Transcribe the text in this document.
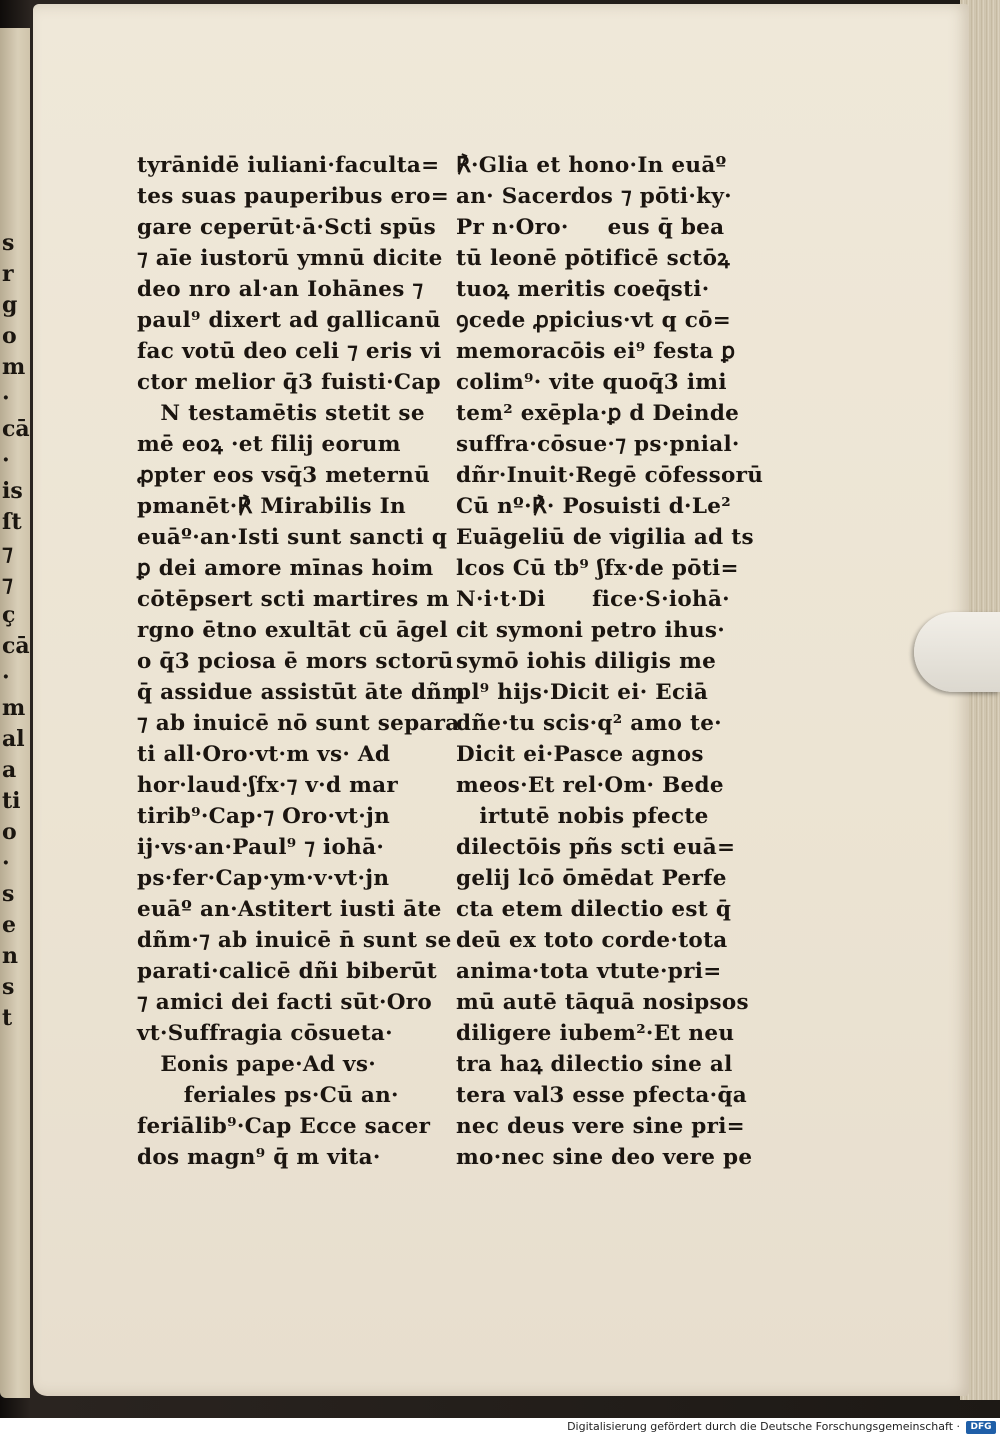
s
r
g
o
m
·
cā
·
is
ſt
⁊
⁊
ç
cā
·
m
al
a
ti
o
·
s
e
n
s
t
tyrānidē iuliani·faculta=
tes suas pauperibus ero=
gare ceperūt·ā·Scti spūs
⁊ aīe iustorū ymnū dicite
deo nro al·an Iohānes ⁊
paul⁹ dixert ad gallicanū
fac votū deo celi ⁊ eris vi
ctor melior q̄3 fuisti·Cap
N testamētis stetit se
mē eoꝝ ·et filij eorum
ꝓpter eos vsq̄3 meternū
pmanēt·℟ Mirabilis In
euāº·an·Isti sunt sancti q
ꝑ dei amore mīnas hoim
cōtēpsert scti martires m
rgno ētno exultāt cū āgel
o q̄3 pciosa ē mors sctorū
q̄ assidue assistūt āte dñm
⁊ ab inuicē nō sunt separa
ti all·Oro·vt·m vs· Ad
hor·laud·ʃfx·⁊ v·d mar
tirib⁹·Cap·⁊ Oro·vt·jn
ij·vs·an·Paul⁹ ⁊ iohā·
ps·fer·Cap·ym·v·vt·jn
euāº an·Astitert iusti āte
dñm·⁊ ab inuicē n̄ sunt se
parati·calicē dñi biberūt
⁊ amici dei facti sūt·Oro
vt·Suffragia cōsueta·
Eonis pape·Ad vs·
feriales ps·Cū an·
feriālib⁹·Cap Ecce sacer
dos magn⁹ q̄ m vita·
℟·Glia et hono·In euāº
an· Sacerdos ⁊ pōti·ky·
Pr n·Oro·     eus q̄ bea
tū leonē pōtificē sctōꝝ
tuoꝝ meritis coeq̄sti·
ꝯcede ꝓpicius·vt q cō=
memoracōis ei⁹ festa ꝑ
colim⁹· vite quoq̄3 imi
tem² exēpla·ꝑ d Deinde
suffra·cōsue·⁊ ps·pnial·
dñr·Inuit·Regē cōfessorū
Cū nº·℟· Posuisti d·Le²
Euāgeliū de vigilia ad ts
lcos Cū tb⁹ ʃfx·de pōti=
N·i·t·Di      fice·S·iohā·
cit symoni petro ihus·
symō iohis diligis me
pl⁹ hijs·Dicit ei· Eciā
dñe·tu scis·q² amo te·
Dicit ei·Pasce agnos
meos·Et rel·Om· Bede
irtutē nobis pfecte
dilectōis pñs scti euā=
gelij lcō ōmēdat Perfe
cta etem dilectio est q̄
deū ex toto corde·tota
anima·tota vtute·pri=
mū autē tāquā nosipsos
diligere iubem²·Et neu
tra haꝝ dilectio sine al
tera val3 esse pfecta·q̄a
nec deus vere sine pri=
mo·nec sine deo vere pe
Digitalisierung gefördert durch die Deutsche Forschungsgemeinschaft ·	DFG
